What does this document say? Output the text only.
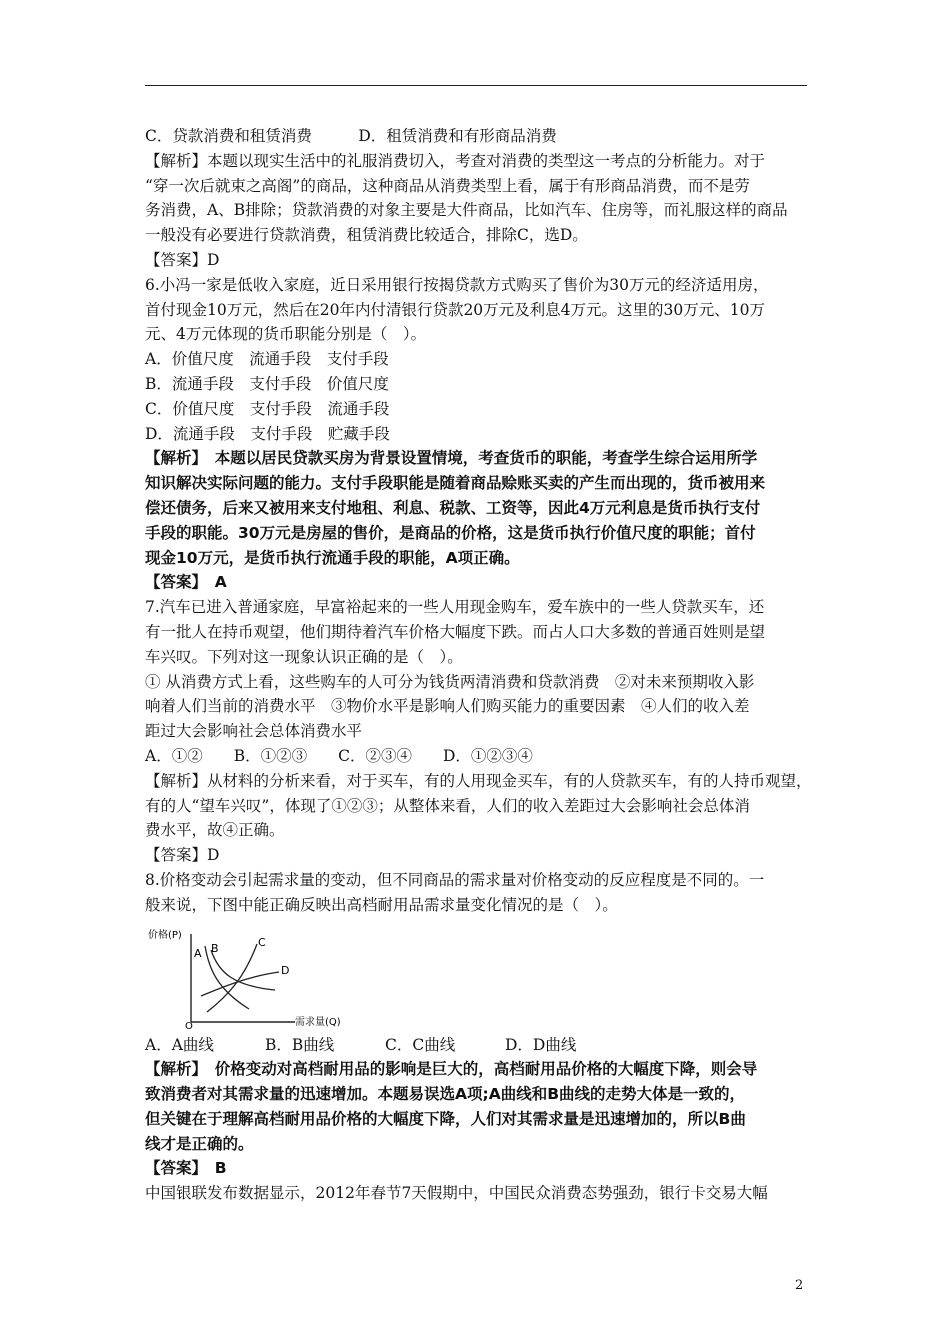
C．贷款消费和租赁消费　　　D．租赁消费和有形商品消费
【解析】本题以现实生活中的礼服消费切入，考查对消费的类型这一考点的分析能力。对于
“穿一次后就束之高阁”的商品，这种商品从消费类型上看，属于有形商品消费，而不是劳
务消费，A、B排除；贷款消费的对象主要是大件商品，比如汽车、住房等，而礼服这样的商品
一般没有必要进行贷款消费，租赁消费比较适合，排除C，选D。
【答案】D
6.小冯一家是低收入家庭，近日采用银行按揭贷款方式购买了售价为30万元的经济适用房，
首付现金10万元，然后在20年内付清银行贷款20万元及利息4万元。这里的30万元、10万
元、4万元体现的货币职能分别是（　）。
A．价值尺度　流通手段　支付手段
B．流通手段　支付手段　价值尺度
C．价值尺度　支付手段　流通手段
D．流通手段　支付手段　贮藏手段
【解析】　本题以居民贷款买房为背景设置情境，考查货币的职能，考查学生综合运用所学
知识解决实际问题的能力。支付手段职能是随着商品赊账买卖的产生而出现的，货币被用来
偿还债务，后来又被用来支付地租、利息、税款、工资等，因此4万元利息是货币执行支付
手段的职能。30万元是房屋的售价，是商品的价格，这是货币执行价值尺度的职能；首付
现金10万元，是货币执行流通手段的职能，A项正确。
【答案】　A
7.汽车已进入普通家庭，早富裕起来的一些人用现金购车，爱车族中的一些人贷款买车，还
有一批人在持币观望，他们期待着汽车价格大幅度下跌。而占人口大多数的普通百姓则是望
车兴叹。下列对这一现象认识正确的是（　）。
① 从消费方式上看，这些购车的人可分为钱货两清消费和贷款消费　②对未来预期收入影
响着人们当前的消费水平　③物价水平是影响人们购买能力的重要因素　④人们的收入差
距过大会影响社会总体消费水平
A．①②　　B．①②③　　C．②③④　　D．①②③④
【解析】从材料的分析来看，对于买车，有的人用现金买车，有的人贷款买车，有的人持币观望，
有的人“望车兴叹”，体现了①②③；从整体来看，人们的收入差距过大会影响社会总体消
费水平，故④正确。
【答案】D
8.价格变动会引起需求量的变动，但不同商品的需求量对价格变动的反应程度是不同的。一
般来说，下图中能正确反映出高档耐用品需求量变化情况的是（　）。
价格(P)
需求量(Q)
O
A B	C
D
A．A曲线	B．B曲线	C．C曲线	D．D曲线
【解析】　价格变动对高档耐用品的影响是巨大的，高档耐用品价格的大幅度下降，则会导
致消费者对其需求量的迅速增加。本题易误选A项;A曲线和B曲线的走势大体是一致的，
但关键在于理解高档耐用品价格的大幅度下降，人们对其需求量是迅速增加的，所以B曲
线才是正确的。
【答案】　B
中国银联发布数据显示，2012年春节7天假期中，中国民众消费态势强劲，银行卡交易大幅
2
